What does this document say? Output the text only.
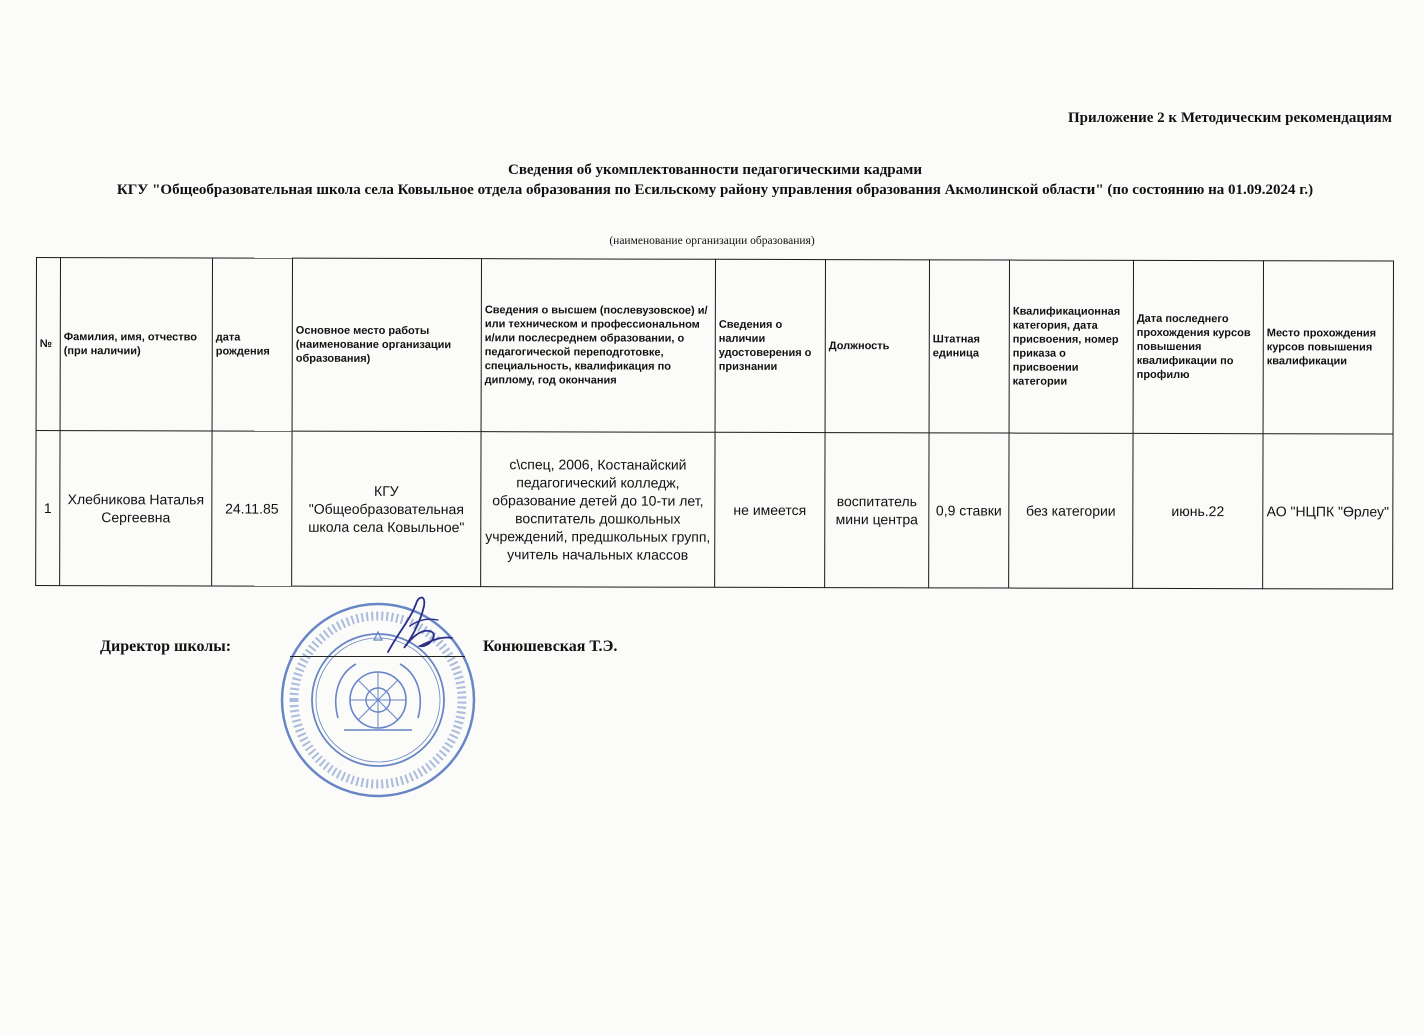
Приложение 2 к Методическим рекомендациям
Сведения об укомплектованности педагогическими кадрами
КГУ "Общеобразовательная школа села Ковыльное отдела образования по Есильскому району управления образования Акмолинской области" (по состоянию на 01.09.2024 г.)
(наименование организации образования)
№	Фамилия, имя, отчество (при наличии)	дата рождения	Основное место работы (наименование организации образования)	Сведения о высшем (послевузовское) и/или техническом и профессиональном и/или послесреднем образовании, о педагогической переподготовке, специальность, квалификация по диплому, год окончания	Сведения о наличии удостоверения о признании	Должность	Штатная единица	Квалификационная категория, дата присвоения, номер приказа о присвоении категории	Дата последнего прохождения курсов повышения квалификации по профилю	Место прохождения курсов повышения квалификации
1	Хлебникова Наталья Сергеевна	24.11.85	КГУ "Общеобразовательная школа села Ковыльное"	с\спец, 2006, Костанайский педагогический колледж, образование детей до 10-ти лет, воспитатель дошкольных учреждений, предшкольных групп, учитель начальных классов	не имеется	воспитатель мини центра	0,9 ставки	без категории	июнь.22	АО "НЦПК "Өрлеу"
Директор школы:	Конюшевская Т.Э.
